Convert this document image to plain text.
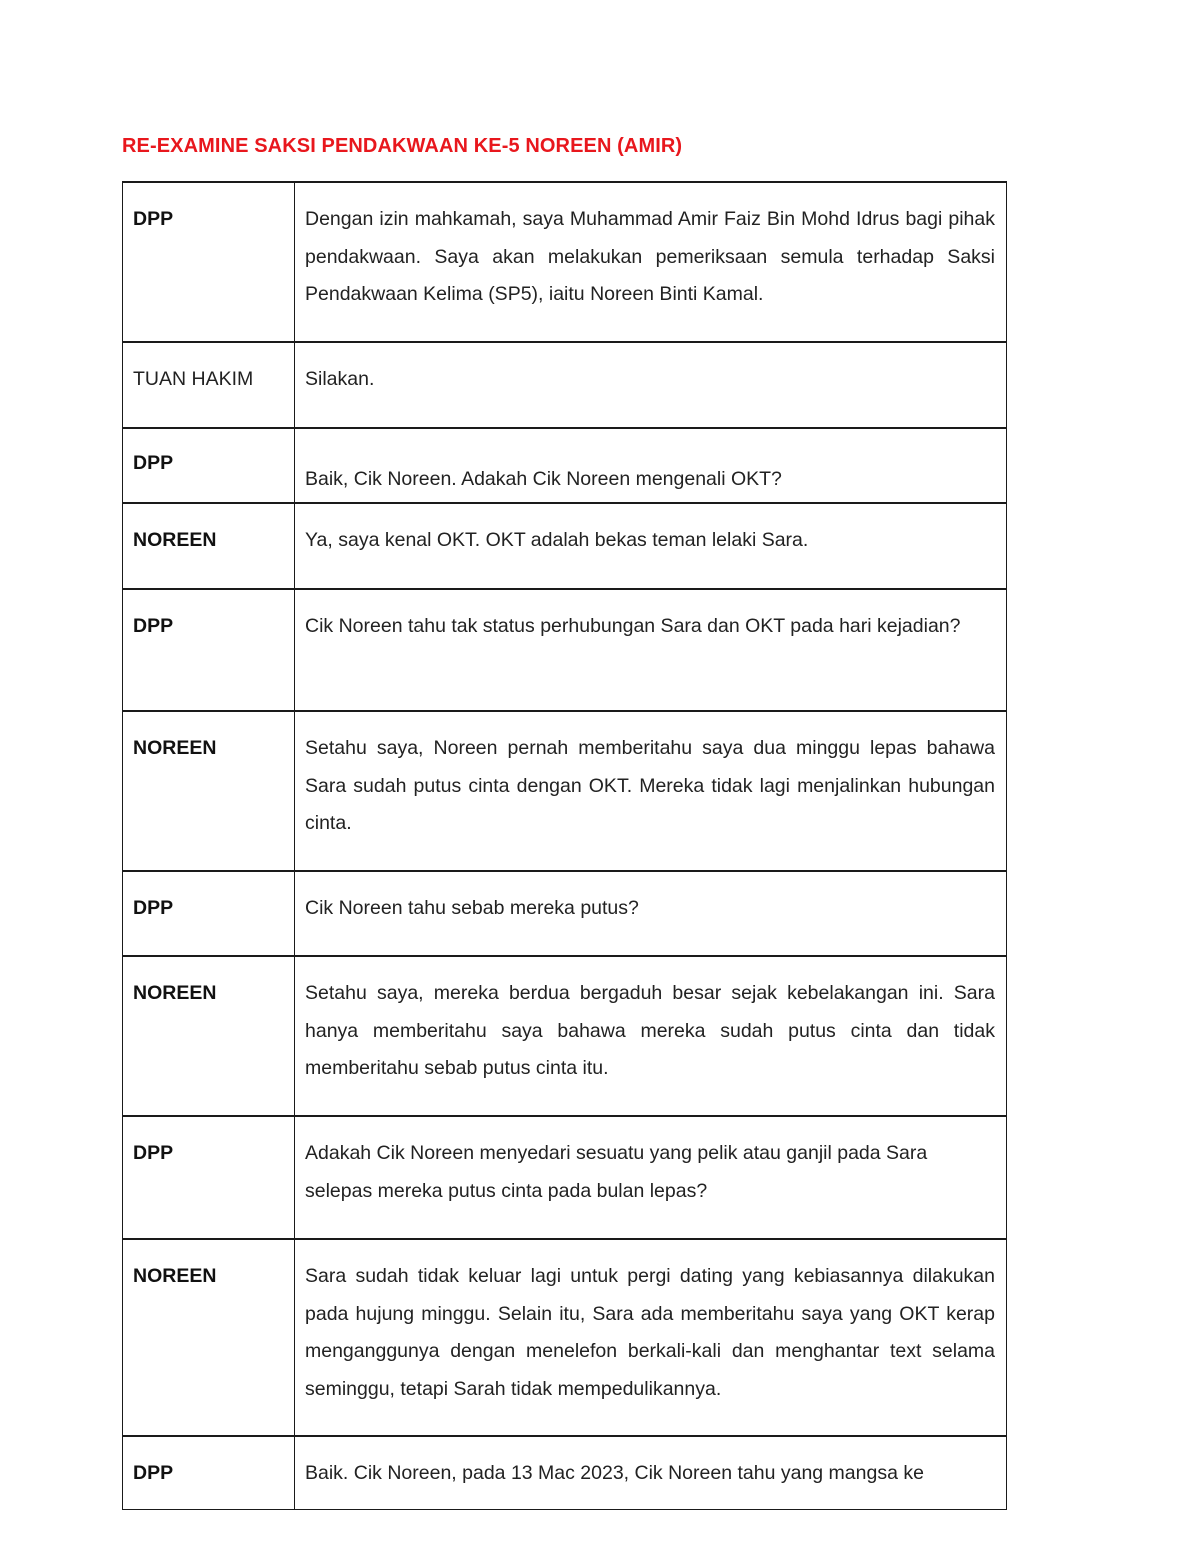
RE-EXAMINE SAKSI PENDAKWAAN KE-5 NOREEN (AMIR)
DPP	Dengan izin mahkamah, saya Muhammad Amir Faiz Bin Mohd Idrus bagi pihak pendakwaan. Saya akan melakukan pemeriksaan semula terhadap Saksi Pendakwaan Kelima (SP5), iaitu Noreen Binti Kamal.
TUAN HAKIM	Silakan.
DPP	Baik, Cik Noreen. Adakah Cik Noreen mengenali OKT?
NOREEN	Ya, saya kenal OKT. OKT adalah bekas teman lelaki Sara.
DPP	Cik Noreen tahu tak status perhubungan Sara dan OKT pada hari kejadian?
NOREEN	Setahu saya, Noreen pernah memberitahu saya dua minggu lepas bahawa Sara sudah putus cinta dengan OKT. Mereka tidak lagi menjalinkan hubungan cinta.
DPP	Cik Noreen tahu sebab mereka putus?
NOREEN	Setahu saya, mereka berdua bergaduh besar sejak kebelakangan ini. Sara hanya memberitahu saya bahawa mereka sudah putus cinta dan tidak memberitahu sebab putus cinta itu.
DPP	Adakah Cik Noreen menyedari sesuatu yang pelik atau ganjil pada Sara selepas mereka putus cinta pada bulan lepas?
NOREEN	Sara sudah tidak keluar lagi untuk pergi dating yang kebiasannya dilakukan pada hujung minggu. Selain itu, Sara ada memberitahu saya yang OKT kerap menganggunya dengan menelefon berkali-kali dan menghantar text selama seminggu, tetapi Sarah tidak mempedulikannya.
DPP	Baik. Cik Noreen, pada 13 Mac 2023, Cik Noreen tahu yang mangsa ke
